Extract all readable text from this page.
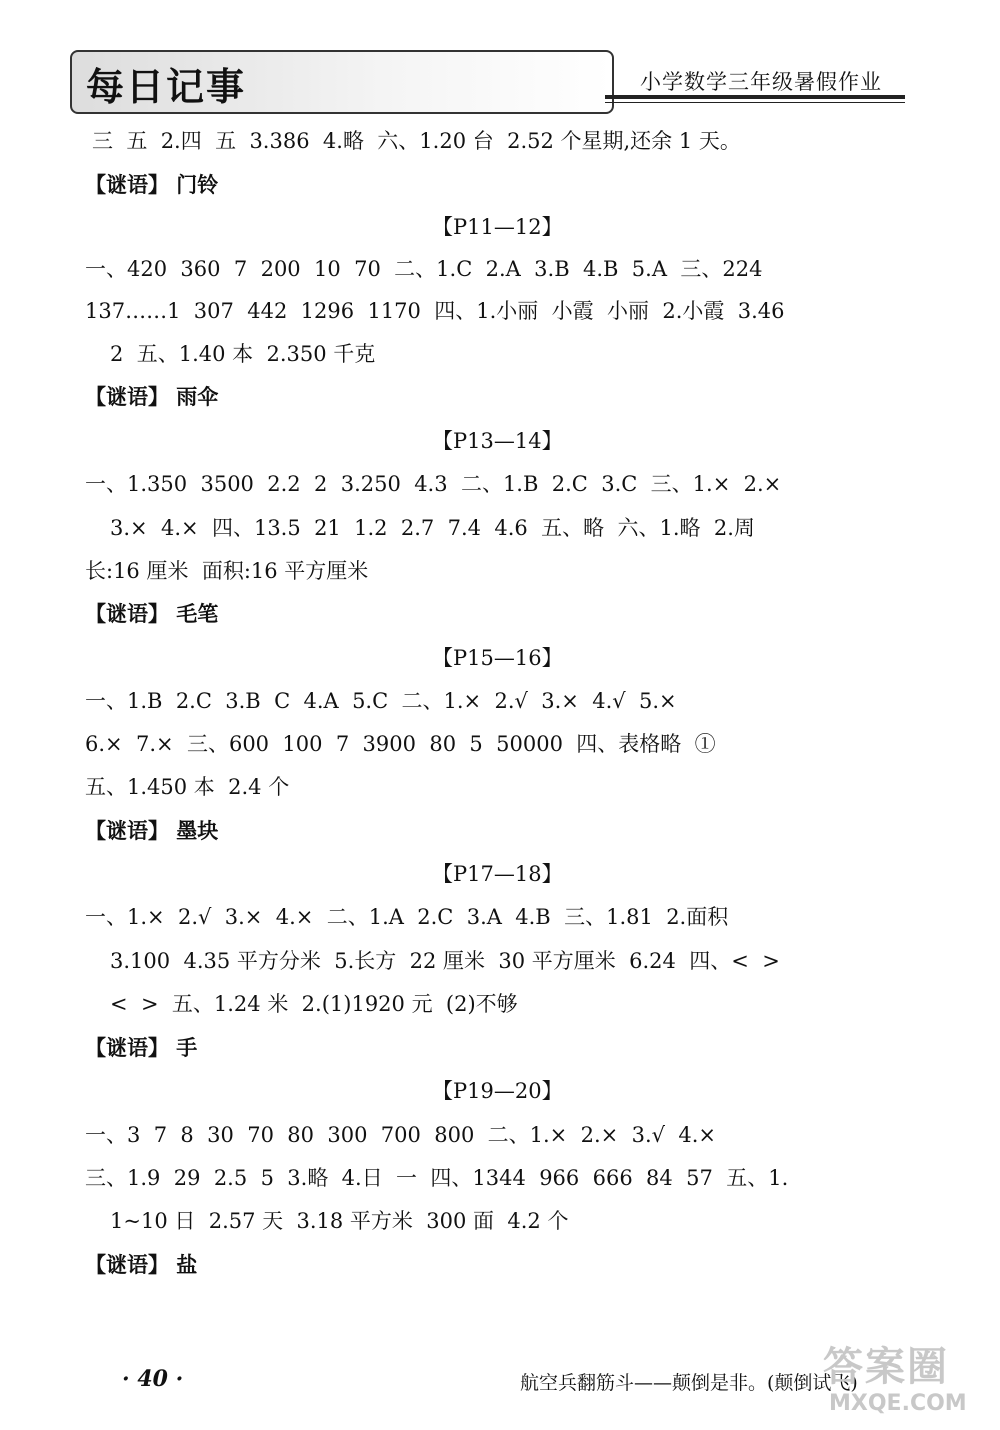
每日记事	小学数学三年级暑假作业
三  五  2.四  五  3.386  4.略  六、1.20 台  2.52 个星期,还余 1 天。
【谜语】 门铃
【P11—12】
一、420  360  7  200  10  70  二、1.C  2.A  3.B  4.B  5.A  三、224
137……1  307  442  1296  1170  四、1.小丽  小霞  小丽  2.小霞  3.46
2  五、1.40 本  2.350 千克
【谜语】 雨伞
【P13—14】
一、1.350  3500  2.2  2  3.250  4.3  二、1.B  2.C  3.C  三、1.×  2.×
3.×  4.×  四、13.5  21  1.2  2.7  7.4  4.6  五、略  六、1.略  2.周
长:16 厘米  面积:16 平方厘米
【谜语】 毛笔
【P15—16】
一、1.B  2.C  3.B  C  4.A  5.C  二、1.×  2.√  3.×  4.√  5.×
6.×  7.×  三、600  100  7  3900  80  5  50000  四、表格略  ①
五、1.450 本  2.4 个
【谜语】 墨块
【P17—18】
一、1.×  2.√  3.×  4.×  二、1.A  2.C  3.A  4.B  三、1.81  2.面积
3.100  4.35 平方分米  5.长方  22 厘米  30 平方厘米  6.24  四、<  >
<  >  五、1.24 米  2.(1)1920 元  (2)不够
【谜语】 手
【P19—20】
一、3  7  8  30  70  80  300  700  800  二、1.×  2.×  3.√  4.×
三、1.9  29  2.5  5  3.略  4.日  一  四、1344  966  666  84  57  五、1.
1~10 日  2.57 天  3.18 平方米  300 面  4.2 个
【谜语】 盐
· 40 ·	航空兵翻筋斗——颠倒是非。(颠倒试飞)
答案圈
MXQE.COM
